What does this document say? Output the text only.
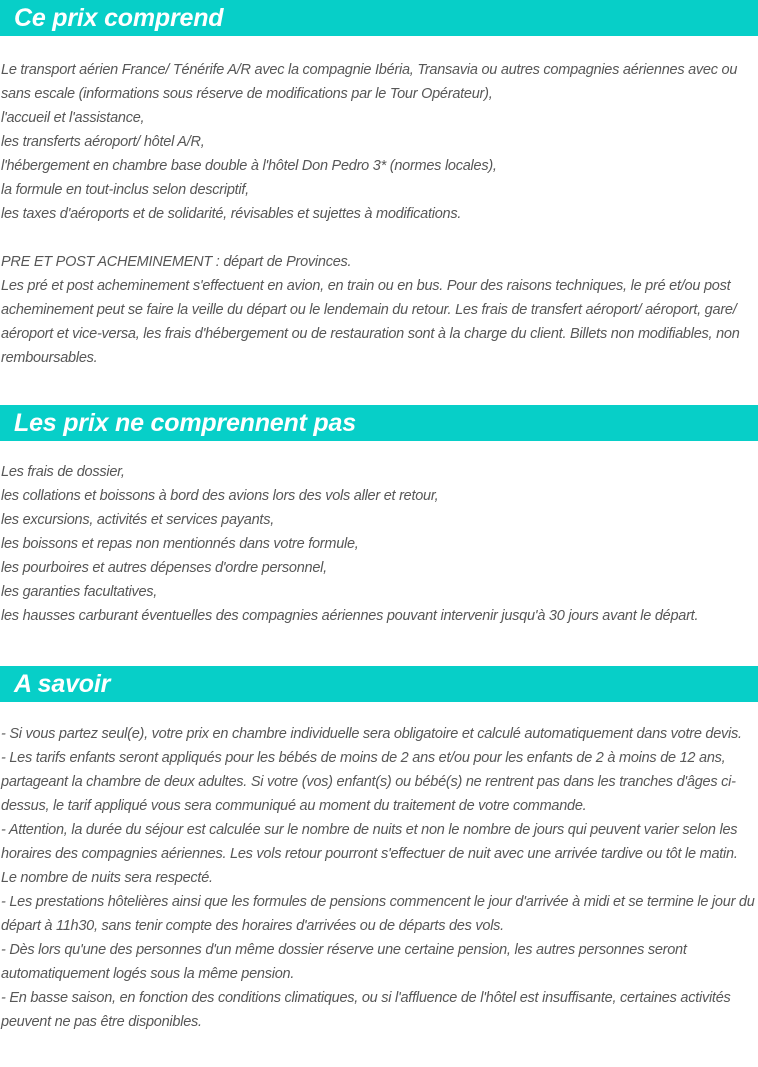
Ce prix comprend

Le transport aérien France/ Ténérife A/R avec la compagnie Ibéria, Transavia ou autres compagnies aériennes avec ou sans escale (informations sous réserve de modifications par le Tour Opérateur),

l'accueil et l'assistance,

les transferts aéroport/ hôtel A/R,

l'hébergement en chambre base double à l'hôtel Don Pedro 3* (normes locales),

la formule en tout-inclus selon descriptif,

les taxes d'aéroports et de solidarité, révisables et sujettes à modifications.

PRE ET POST ACHEMINEMENT : départ de Provinces.

Les pré et post acheminement s'effectuent en avion, en train ou en bus. Pour des raisons techniques, le pré et/ou post acheminement peut se faire la veille du départ ou le lendemain du retour. Les frais de transfert aéroport/ aéroport, gare/ aéroport et vice-versa, les frais d'hébergement ou de restauration sont à la charge du client. Billets non modifiables, non remboursables.

Les prix ne comprennent pas

Les frais de dossier,

les collations et boissons à bord des avions lors des vols aller et retour,

les excursions, activités et services payants,

les boissons et repas non mentionnés dans votre formule,

les pourboires et autres dépenses d'ordre personnel,

les garanties facultatives,

les hausses carburant éventuelles des compagnies aériennes pouvant intervenir jusqu'à 30 jours avant le départ.

A savoir

- Si vous partez seul(e), votre prix en chambre individuelle sera obligatoire et calculé automatiquement dans votre devis.

- Les tarifs enfants seront appliqués pour les bébés de moins de 2 ans et/ou pour les enfants de 2 à moins de 12 ans, partageant la chambre de deux adultes. Si votre (vos) enfant(s) ou bébé(s) ne rentrent pas dans les tranches d'âges ci-dessus, le tarif appliqué vous sera communiqué au moment du traitement de votre commande.

- Attention, la durée du séjour est calculée sur le nombre de nuits et non le nombre de jours qui peuvent varier selon les horaires des compagnies aériennes. Les vols retour pourront s'effectuer de nuit avec une arrivée tardive ou tôt le matin. Le nombre de nuits sera respecté.

- Les prestations hôtelières ainsi que les formules de pensions commencent le jour d'arrivée à midi et se termine le jour du départ à 11h30, sans tenir compte des horaires d'arrivées ou de départs des vols.

- Dès lors qu'une des personnes d'un même dossier réserve une certaine pension, les autres personnes seront automatiquement logés sous la même pension.

- En basse saison, en fonction des conditions climatiques, ou si l'affluence de l'hôtel est insuffisante, certaines activités peuvent ne pas être disponibles.
